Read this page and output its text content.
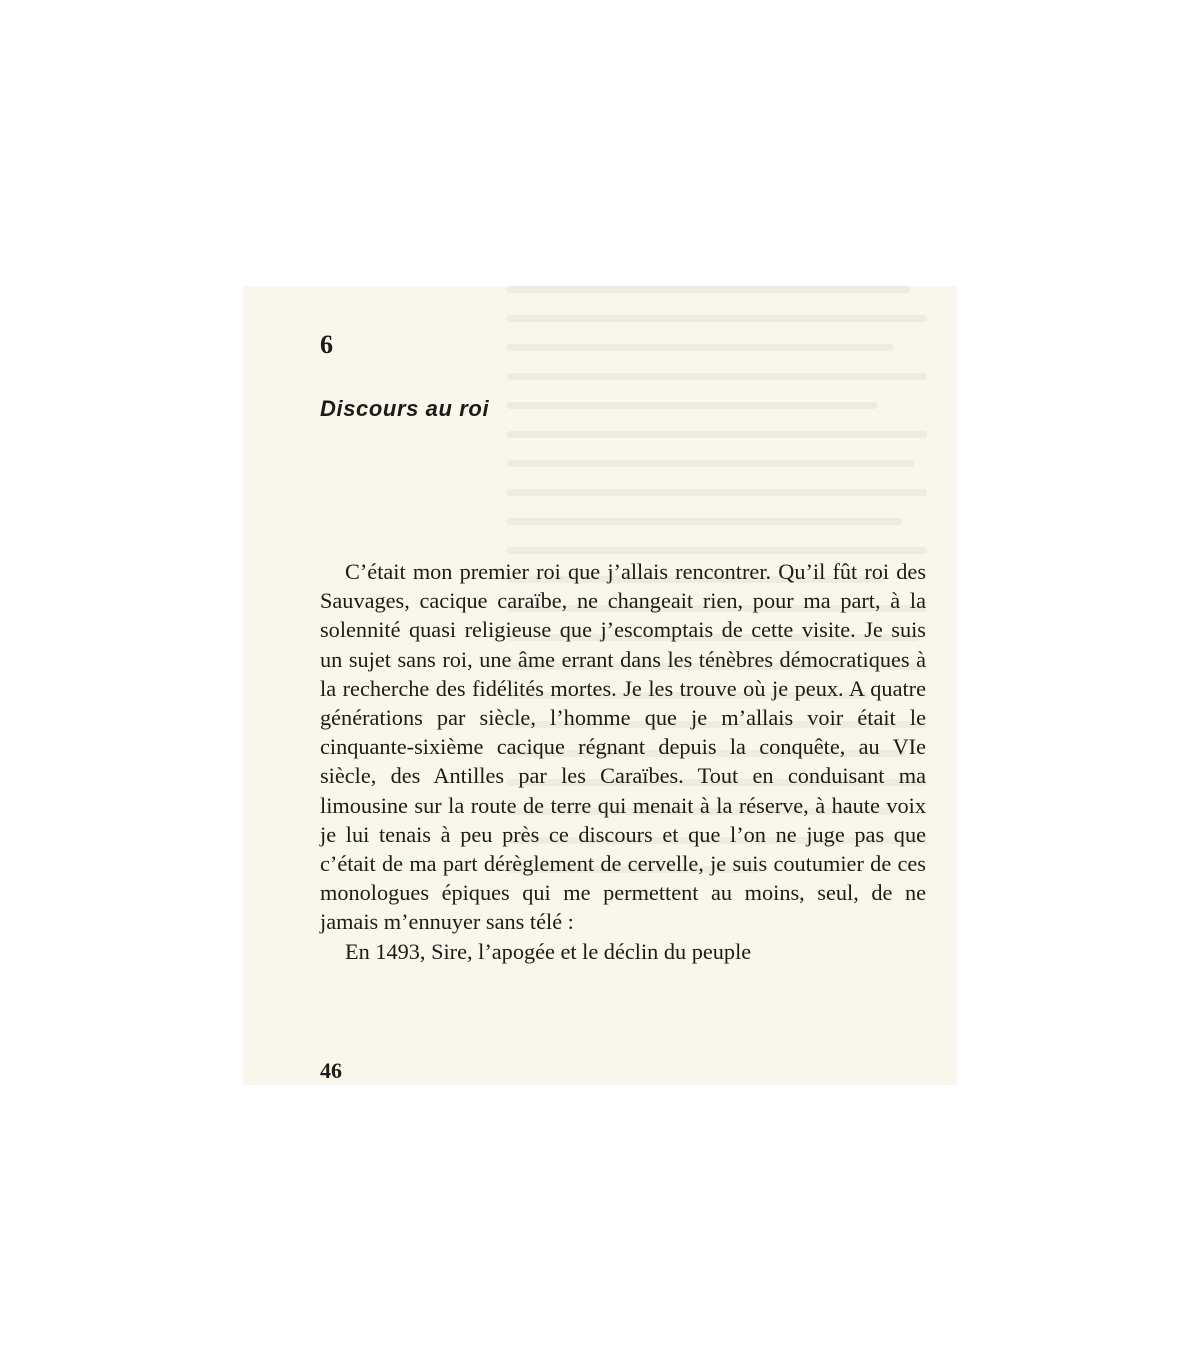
6

Discours au roi

C’était mon premier roi que j’allais rencontrer. Qu’il fût roi des Sauvages, cacique caraïbe, ne changeait rien, pour ma part, à la solennité quasi religieuse que j’escomptais de cette visite. Je suis un sujet sans roi, une âme errant dans les ténèbres démocratiques à la recherche des fidélités mortes. Je les trouve où je peux. A quatre générations par siècle, l’homme que je m’allais voir était le cinquante-sixième cacique régnant depuis la conquête, au VIe siècle, des Antilles par les Caraïbes. Tout en conduisant ma limousine sur la route de terre qui menait à la réserve, à haute voix je lui tenais à peu près ce discours et que l’on ne juge pas que c’était de ma part dérèglement de cervelle, je suis coutumier de ces monologues épiques qui me permettent au moins, seul, de ne jamais m’ennuyer sans télé :

En 1493, Sire, l’apogée et le déclin du peuple

46
